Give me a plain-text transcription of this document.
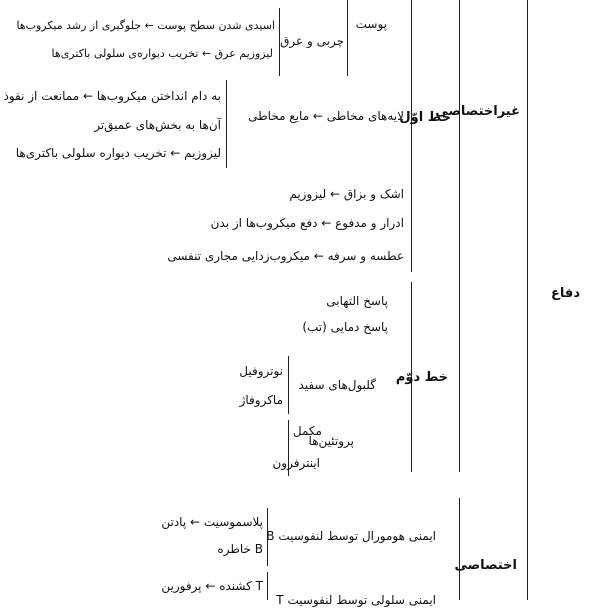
دفاع
غیراختصاصی
اختصاصی
خط اوّل
خط دوّم
پوست
چربی و عرق
اسیدی شدن سطح پوست ← جلوگیری از رشد میکروب‌ها
لیزوزیم عرق ← تخریب دیواره‌ی سلولی باکتری‌ها
لایه‌های مخاطی ← مایع مخاطی
به دام انداختن میکروب‌ها ← ممانعت از نفوذ
آن‌ها به بخش‌های عمیق‌تر
لیزوزیم ← تخریب دیواره سلولی باکتری‌ها
اشک و بزاق ← لیزوزیم
ادرار و مدفوع ← دفع میکروب‌ها از بدن
عطسه و سرفه ← میکروب‌زدایی مجاری تنفسی
پاسخ التهابی
پاسخ دمایی (تب)
گلبول‌های سفید
نوتروفیل
ماکروفاژ
پروتئین‌ها
مکمل
اینترفرون
ایمنی هومورال توسط لنفوسیت B
پلاسموسیت ← پادتن
B خاطره
ایمنی سلولی توسط لنفوسیت T
T کشنده ← پرفورین
